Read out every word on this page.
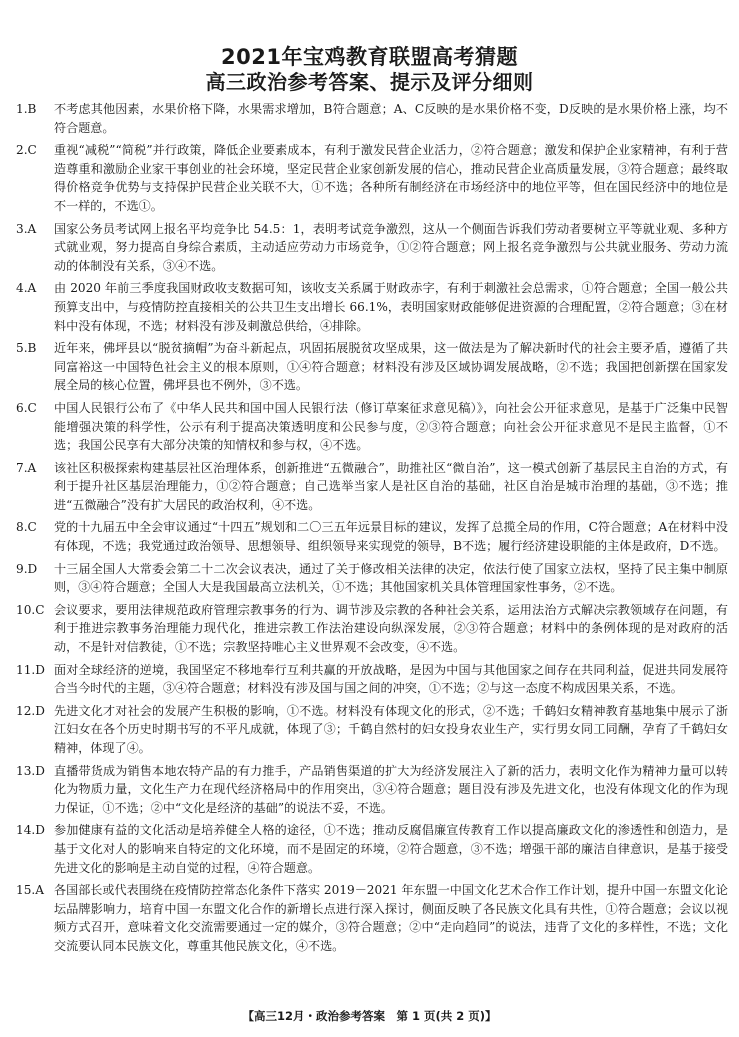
2021年宝鸡教育联盟高考猜题
高三政治参考答案、提示及评分细则
1.B	不考虑其他因素，水果价格下降，水果需求增加，B符合题意；A、C反映的是水果价格不变，D反映的是水果价格上涨，均不符合题意。
2.C	重视“减税”“简税”并行政策，降低企业要素成本，有利于激发民营企业活力，②符合题意；激发和保护企业家精神，有利于营造尊重和激励企业家干事创业的社会环境，坚定民营企业家创新发展的信心，推动民营企业高质量发展，③符合题意；最终取得价格竞争优势与支持保护民营企业关联不大，①不选；各种所有制经济在市场经济中的地位平等，但在国民经济中的地位是不一样的，不选①。
3.A	国家公务员考试网上报名平均竞争比 54.5：1，表明考试竞争激烈，这从一个侧面告诉我们劳动者要树立平等就业观、多种方式就业观，努力提高自身综合素质，主动适应劳动力市场竞争，①②符合题意；网上报名竞争激烈与公共就业服务、劳动力流动的体制没有关系，③④不选。
4.A	由 2020 年前三季度我国财政收支数据可知，该收支关系属于财政赤字，有利于刺激社会总需求，①符合题意；全国一般公共预算支出中，与疫情防控直接相关的公共卫生支出增长 66.1%，表明国家财政能够促进资源的合理配置，②符合题意；③在材料中没有体现，不选；材料没有涉及刺激总供给，④排除。
5.B	近年来，佛坪县以“脱贫摘帽”为奋斗新起点，巩固拓展脱贫攻坚成果，这一做法是为了解决新时代的社会主要矛盾，遵循了共同富裕这一中国特色社会主义的根本原则，①④符合题意；材料没有涉及区域协调发展战略，②不选；我国把创新摆在国家发展全局的核心位置，佛坪县也不例外，③不选。
6.C	中国人民银行公布了《中华人民共和国中国人民银行法（修订草案征求意见稿）》，向社会公开征求意见，是基于广泛集中民智能增强决策的科学性，公示有利于提高决策透明度和公民参与度，②③符合题意；向社会公开征求意见不是民主监督，①不选；我国公民享有大部分决策的知情权和参与权，④不选。
7.A	该社区积极探索构建基层社区治理体系，创新推进“五微融合”，助推社区“微自治”，这一模式创新了基层民主自治的方式，有利于提升社区基层治理能力，①②符合题意；自己选举当家人是社区自治的基础，社区自治是城市治理的基础，③不选；推进“五微融合”没有扩大居民的政治权利，④不选。
8.C	党的十九届五中全会审议通过“十四五”规划和二〇三五年远景目标的建议，发挥了总揽全局的作用，C符合题意；A在材料中没有体现，不选；我党通过政治领导、思想领导、组织领导来实现党的领导，B不选；履行经济建设职能的主体是政府，D不选。
9.D	十三届全国人大常委会第二十二次会议表决，通过了关于修改相关法律的决定，依法行使了国家立法权，坚持了民主集中制原则，③④符合题意；全国人大是我国最高立法机关，①不选；其他国家机关具体管理国家性事务，②不选。
10.C 会议要求，要用法律规范政府管理宗教事务的行为、调节涉及宗教的各种社会关系，运用法治方式解决宗教领域存在问题，有利于推进宗教事务治理能力现代化，推进宗教工作法治建设向纵深发展，②③符合题意；材料中的条例体现的是对政府的活动，不是针对信教徒，①不选；宗教坚持唯心主义世界观不会改变，④不选。
11.D 面对全球经济的逆境，我国坚定不移地奉行互利共赢的开放战略，是因为中国与其他国家之间存在共同利益，促进共同发展符合当今时代的主题，③④符合题意；材料没有涉及国与国之间的冲突，①不选；②与这一态度不构成因果关系，不选。
12.D 先进文化才对社会的发展产生积极的影响，①不选。材料没有体现文化的形式，②不选；千鹤妇女精神教育基地集中展示了浙江妇女在各个历史时期书写的不平凡成就，体现了③；千鹤自然村的妇女投身农业生产，实行男女同工同酬，孕育了千鹤妇女精神，体现了④。
13.D 直播带货成为销售本地农特产品的有力推手，产品销售渠道的扩大为经济发展注入了新的活力，表明文化作为精神力量可以转化为物质力量，文化生产力在现代经济格局中的作用突出，③④符合题意；题目没有涉及先进文化，也没有体现文化的作为现力保证，①不选；②中“文化是经济的基础”的说法不妥，不选。
14.D 参加健康有益的文化活动是培养健全人格的途径，①不选；推动反腐倡廉宣传教育工作以提高廉政文化的渗透性和创造力，是基于文化对人的影响来自特定的文化环境，而不是固定的环境，②符合题意，③不选；增强干部的廉洁自律意识，是基于接受先进文化的影响是主动自觉的过程，④符合题意。
15.A 各国部长或代表围绕在疫情防控常态化条件下落实 2019－2021 年东盟一中国文化艺术合作工作计划，提升中国一东盟文化论坛品牌影响力，培育中国一东盟文化合作的新增长点进行深入探讨，侧面反映了各民族文化具有共性，①符合题意；会议以视频方式召开，意味着文化交流需要通过一定的媒介，③符合题意；②中“走向趋同”的说法，违背了文化的多样性，不选；文化交流要认同本民族文化，尊重其他民族文化，④不选。
【高三12月・政治参考答案　第 1 页(共 2 页)】
